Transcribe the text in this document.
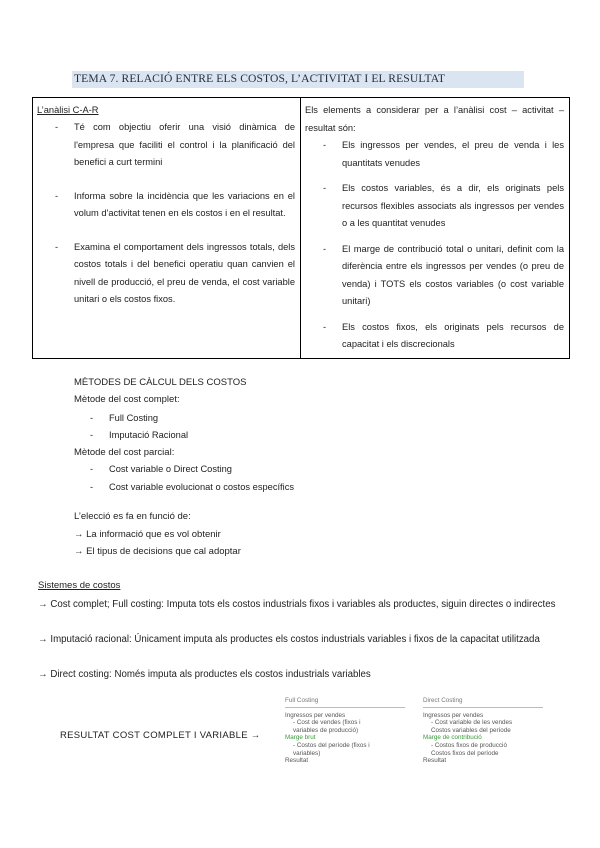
TEMA 7. RELACIÓ ENTRE ELS COSTOS, L’ACTIVITAT I EL RESULTAT
L’anàlisi C-A-R
- Té com objectiu oferir una visió dinàmica de l'empresa que faciliti el control i la planificació del benefici a curt termini
- Informa sobre la incidència que les variacions en el volum d'activitat tenen en els costos i en el resultat.
- Examina el comportament dels ingressos totals, dels costos totals i del benefici operatiu quan canvien el nivell de producció, el preu de venda, el cost variable unitari o els costos fixos.
Els elements a considerar per a l’anàlisi cost – activitat – resultat són:
- Els ingressos per vendes, el preu de venda i les quantitats venudes
- Els costos variables, és a dir, els originats pels recursos flexibles associats als ingressos per vendes o a les quantitat venudes
- El marge de contribució total o unitari, definit com la diferència entre els ingressos per vendes (o preu de venda) i TOTS els costos variables (o cost variable unitari)
- Els costos fixos, els originats pels recursos de capacitat i els discrecionals
MÈTODES DE CÀLCUL DELS COSTOS
Mètode del cost complet:
- Full Costing
- Imputació Racional
Mètode del cost parcial:
- Cost variable o Direct Costing
- Cost variable evolucionat o costos específics
L’elecció es fa en funció de:
→ La informació que es vol obtenir
→ El tipus de decisions que cal adoptar
Sistemes de costos
→ Cost complet; Full costing: Imputa tots els costos industrials fixos i variables als productes, siguin directes o indirectes
→ Imputació racional: Únicament imputa als productes els costos industrials variables i fixos de la capacitat utilitzada
→ Direct costing: Només imputa als productes els costos industrials variables
RESULTAT COST COMPLET I VARIABLE →
Full Costing
Ingressos per vendes
- Cost de vendes (fixos i
variables de producció)
Marge brut
- Costos del període (fixos i
variables)
Resultat
Direct Costing
Ingressos per vendes
- Cost variable de les vendes
Costos variables del període
Marge de contribució
- Costos fixos de producció
Costos fixos del període
Resultat
